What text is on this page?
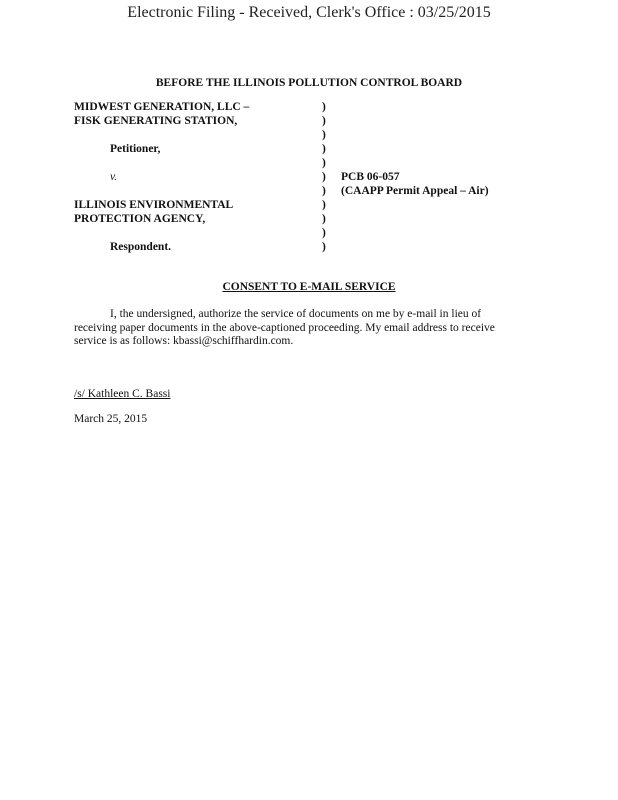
Electronic Filing - Received, Clerk's Office : 03/25/2015
BEFORE THE ILLINOIS POLLUTION CONTROL BOARD
MIDWEST GENERATION, LLC –	)
FISK GENERATING STATION,	)
)
Petitioner,	)
)
v.	) PCB 06-057
) (CAAPP Permit Appeal – Air)
ILLINOIS ENVIRONMENTAL	)
PROTECTION AGENCY,	)
)
Respondent.	)
CONSENT TO E-MAIL SERVICE

I, the undersigned, authorize the service of documents on me by e-mail in lieu of receiving paper documents in the above-captioned proceeding. My email address to receive service is as follows: kbassi@schiffhardin.com.

/s/ Kathleen C. Bassi
March 25, 2015
